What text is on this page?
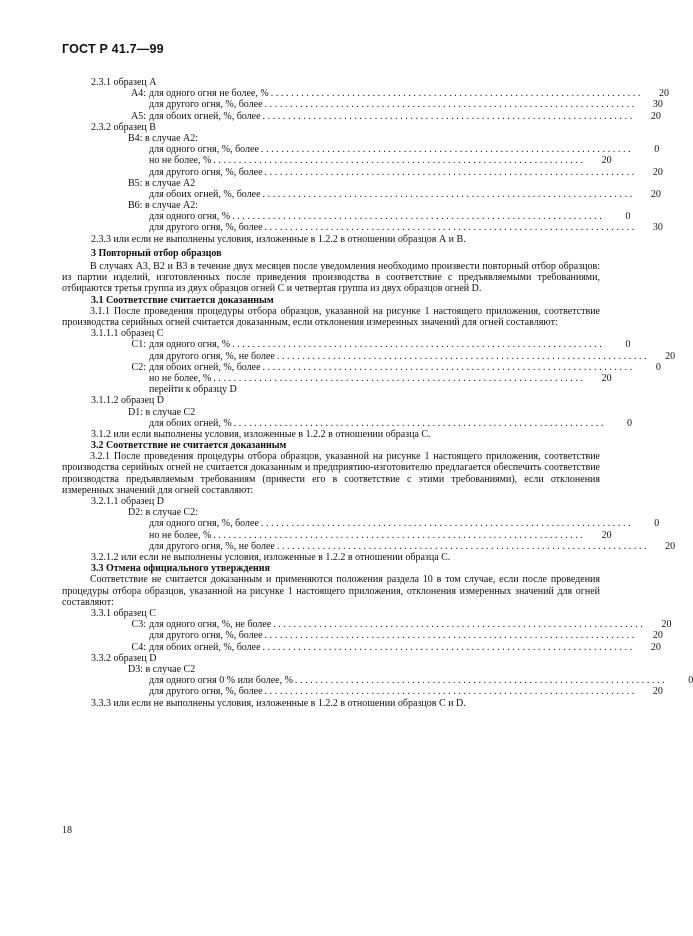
ГОСТ Р 41.7—99
2.3.1 образец А
А4: для одного огня не более, % .........................................................................	20
для другого огня, %, более .........................................................................	30
А5: для обоих огней, %, более .........................................................................	20
2.3.2 образец В
В4: в случае А2:
для одного огня, %, более .........................................................................	0
но не более, % .........................................................................	20
для другого огня, %, более .........................................................................	20
В5: в случае А2
для обоих огней, %, более .........................................................................	20
В6: в случае А2:
для одного огня, % .........................................................................	0
для другого огня, %, более .........................................................................	30
2.3.3 или если не выполнены условия, изложенные в 1.2.2 в отношении образцов А и В.
3 Повторный отбор образцов
В случаях А3, В2 и В3 в течение двух месяцев после уведомления необходимо произвести повторный отбор образцов: из партии изделий, изготовленных после приведения производства в соответствие с предъявляемыми требованиями, отбираются третья группа из двух образцов огней С и четвертая группа из двух образцов огней D.
3.1 Соответствие считается доказанным
3.1.1 После проведения процедуры отбора образцов, указанной на рисунке 1 настоящего приложения, соответствие производства серийных огней считается доказанным, если отклонения измеренных значений для огней составляют:
3.1.1.1 образец С
С1: для одного огня, % .........................................................................	0
для другого огня, %, не более .........................................................................	20
С2: для обоих огней, %, более .........................................................................	0
но не более, % .........................................................................	20
перейти к образцу D
3.1.1.2 образец D
D1: в случае С2
для обоих огней, % .........................................................................	0
3.1.2 или если выполнены условия, изложенные в 1.2.2 в отношении образца С.
3.2 Соответствие не считается доказанным
3.2.1 После проведения процедуры отбора образцов, указанной на рисунке 1 настоящего приложения, соответствие производства серийных огней не считается доказанным и предприятию-изготовителю предлагается обеспечить соответствие производства предъявляемым требованиям (привести его в соответствие с этими требованиями), если отклонения измеренных значений для огней составляют:
3.2.1.1 образец D
D2: в случае С2:
для одного огня, %, более .........................................................................	0
но не более, % .........................................................................	20
для другого огня, %, не более .........................................................................	20
3.2.1.2 или если не выполнены условия, изложенные в 1.2.2 в отношении образца С.
3.3 Отмена официального утверждения
Соответствие не считается доказанным и применяются положения раздела 10 в том случае, если после проведения процедуры отбора образцов, указанной на рисунке 1 настоящего приложения, отклонения измеренных значений для огней составляют:
3.3.1 образец С
С3: для одного огня, %, не более .........................................................................	20
для другого огня, %, более .........................................................................	20
С4: для обоих огней, %, более .........................................................................	20
3.3.2 образец D
D3: в случае С2
для одного огня 0 % или более, % .........................................................................	0
для другого огня, %, более .........................................................................	20
3.3.3 или если не выполнены условия, изложенные в 1.2.2 в отношении образцов С и D.
18
